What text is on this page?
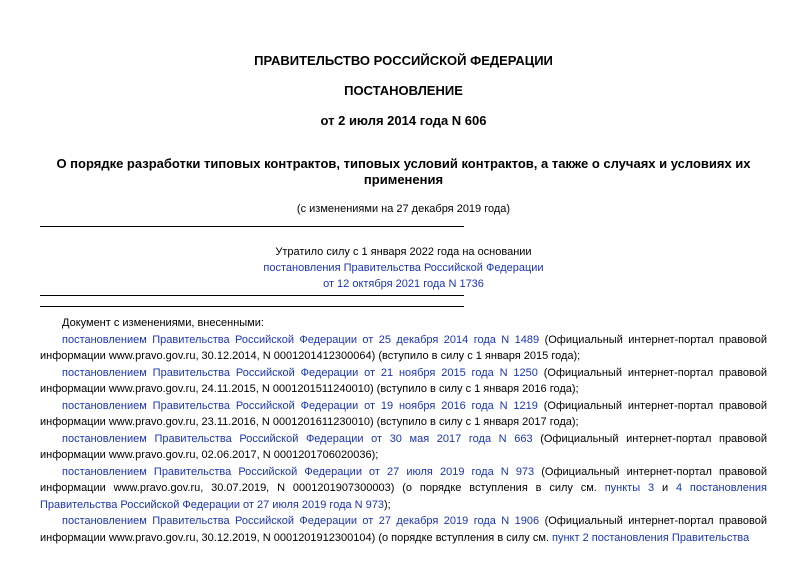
ПРАВИТЕЛЬСТВО РОССИЙСКОЙ ФЕДЕРАЦИИ
ПОСТАНОВЛЕНИЕ
от 2 июля 2014 года N 606
О порядке разработки типовых контрактов, типовых условий контрактов, а также о случаях и условиях их применения
(с изменениями на 27 декабря 2019 года)
Утратило силу с 1 января 2022 года на основании
постановления Правительства Российской Федерации
от 12 октября 2021 года N 1736

Документ с изменениями, внесенными:

постановлением Правительства Российской Федерации от 25 декабря 2014 года N 1489 (Официальный интернет-портал правовой информации www.pravo.gov.ru, 30.12.2014, N 0001201412300064) (вступило в силу с 1 января 2015 года);

постановлением Правительства Российской Федерации от 21 ноября 2015 года N 1250 (Официальный интернет-портал правовой информации www.pravo.gov.ru, 24.11.2015, N 0001201511240010) (вступило в силу с 1 января 2016 года);

постановлением Правительства Российской Федерации от 19 ноября 2016 года N 1219 (Официальный интернет-портал правовой информации www.pravo.gov.ru, 23.11.2016, N 0001201611230010) (вступило в силу с 1 января 2017 года);

постановлением Правительства Российской Федерации от 30 мая 2017 года N 663 (Официальный интернет-портал правовой информации www.pravo.gov.ru, 02.06.2017, N 0001201706020036);

постановлением Правительства Российской Федерации от 27 июля 2019 года N 973 (Официальный интернет-портал правовой информации www.pravo.gov.ru, 30.07.2019, N 0001201907300003) (о порядке вступления в силу см. пункты 3 и 4 постановления Правительства Российской Федерации от 27 июля 2019 года N 973);

постановлением Правительства Российской Федерации от 27 декабря 2019 года N 1906 (Официальный интернет-портал правовой информации www.pravo.gov.ru, 30.12.2019, N 0001201912300104) (о порядке вступления в силу см. пункт 2 постановления Правительства
